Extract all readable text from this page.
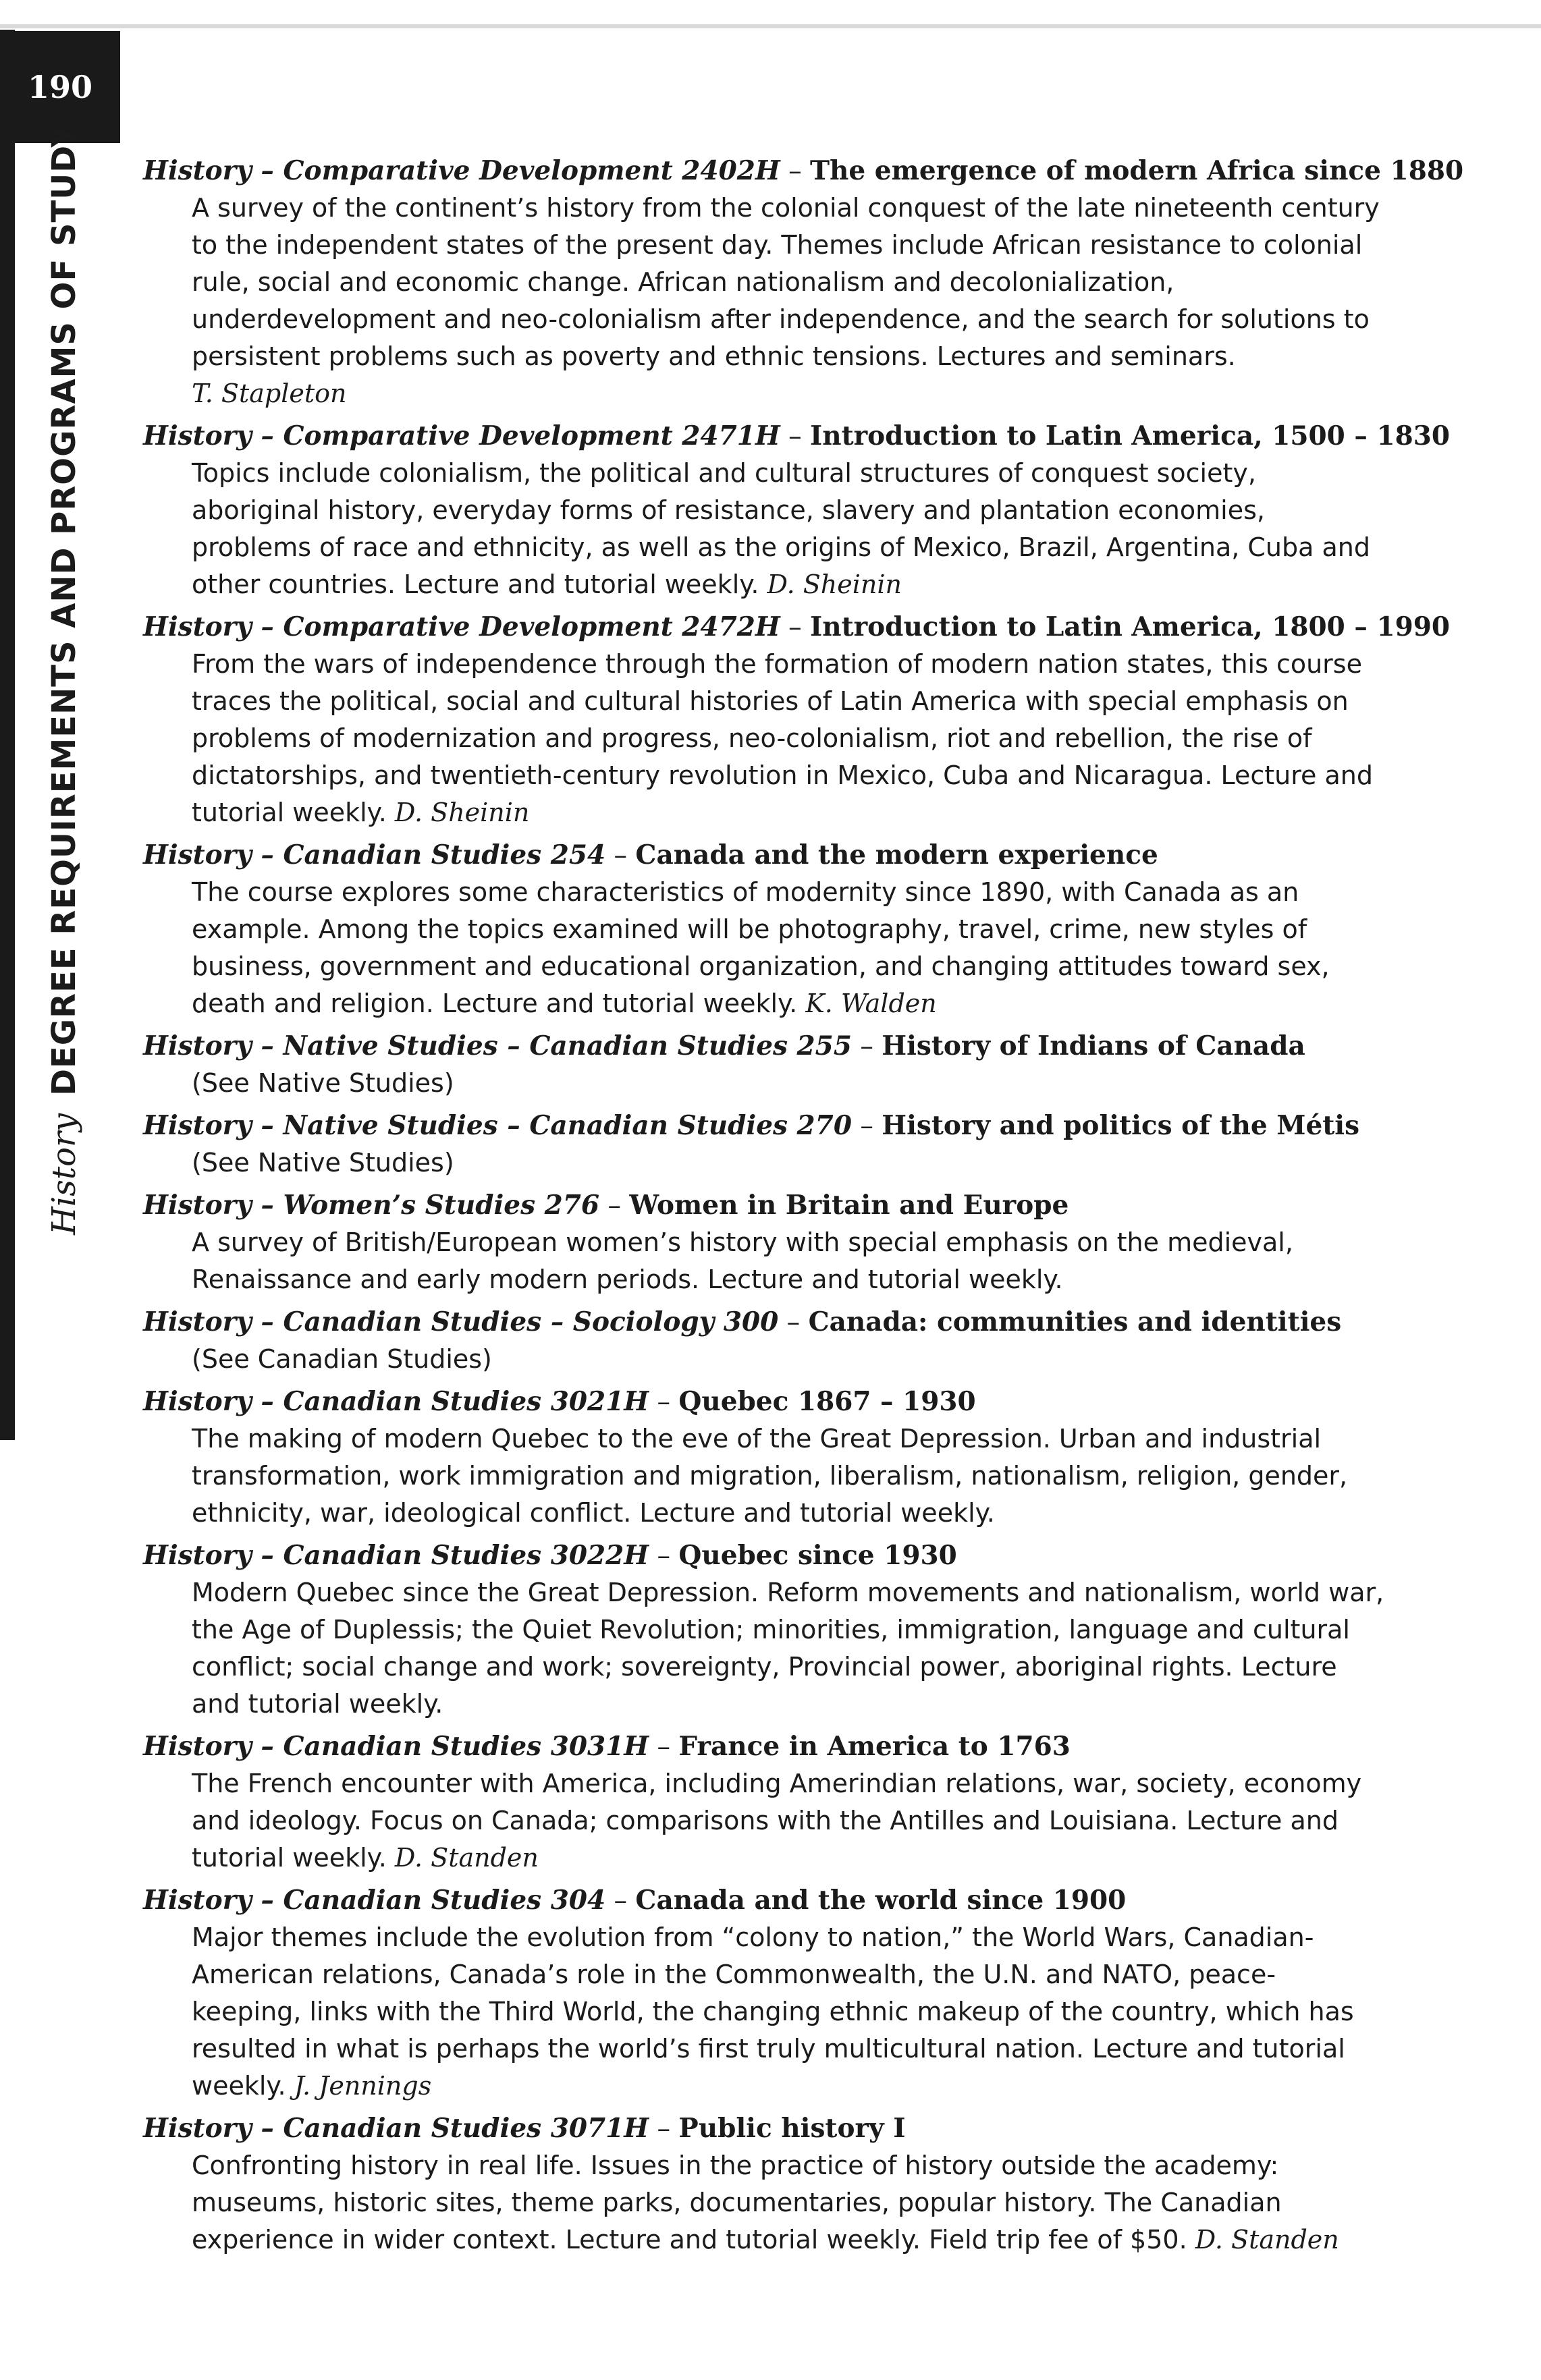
190
History
DEGREE REQUIREMENTS AND PROGRAMS OF STUDY History – Comparative Development 2402H – The emergence of modern Africa since 1880
A survey of the continent’s history from the colonial conquest of the late nineteenth century to the independent states of the present day. Themes include African resistance to colonial rule, social and economic change. African nationalism and decolonialization, underdevelopment and neo-colonialism after independence, and the search for solutions to persistent problems such as poverty and ethnic tensions. Lectures and seminars.
T. Stapleton
History – Comparative Development 2471H – Introduction to Latin America, 1500 – 1830
Topics include colonialism, the political and cultural structures of conquest society, aboriginal history, everyday forms of resistance, slavery and plantation economies, problems of race and ethnicity, as well as the origins of Mexico, Brazil, Argentina, Cuba and other countries. Lecture and tutorial weekly. D. Sheinin
History – Comparative Development 2472H – Introduction to Latin America, 1800 – 1990
From the wars of independence through the formation of modern nation states, this course traces the political, social and cultural histories of Latin America with special emphasis on problems of modernization and progress, neo-colonialism, riot and rebellion, the rise of dictatorships, and twentieth-century revolution in Mexico, Cuba and Nicaragua. Lecture and tutorial weekly. D. Sheinin
History – Canadian Studies 254 – Canada and the modern experience
The course explores some characteristics of modernity since 1890, with Canada as an example. Among the topics examined will be photography, travel, crime, new styles of business, government and educational organization, and changing attitudes toward sex, death and religion. Lecture and tutorial weekly. K. Walden
History – Native Studies – Canadian Studies 255 – History of Indians of Canada
(See Native Studies)
History – Native Studies – Canadian Studies 270 – History and politics of the Métis
(See Native Studies)
History – Women’s Studies 276 – Women in Britain and Europe
A survey of British/European women’s history with special emphasis on the medieval, Renaissance and early modern periods. Lecture and tutorial weekly.
History – Canadian Studies – Sociology 300 – Canada: communities and identities
(See Canadian Studies)
History – Canadian Studies 3021H – Quebec 1867 – 1930
The making of modern Quebec to the eve of the Great Depression. Urban and industrial transformation, work immigration and migration, liberalism, nationalism, religion, gender, ethnicity, war, ideological conflict. Lecture and tutorial weekly.
History – Canadian Studies 3022H – Quebec since 1930
Modern Quebec since the Great Depression. Reform movements and nationalism, world war, the Age of Duplessis; the Quiet Revolution; minorities, immigration, language and cultural conflict; social change and work; sovereignty, Provincial power, aboriginal rights. Lecture and tutorial weekly.
History – Canadian Studies 3031H – France in America to 1763
The French encounter with America, including Amerindian relations, war, society, economy and ideology. Focus on Canada; comparisons with the Antilles and Louisiana. Lecture and tutorial weekly. D. Standen
History – Canadian Studies 304 – Canada and the world since 1900
Major themes include the evolution from “colony to nation,” the World Wars, Canadian-American relations, Canada’s role in the Commonwealth, the U.N. and NATO, peace-keeping, links with the Third World, the changing ethnic makeup of the country, which has resulted in what is perhaps the world’s first truly multicultural nation. Lecture and tutorial weekly. J. Jennings
History – Canadian Studies 3071H – Public history I
Confronting history in real life. Issues in the practice of history outside the academy: museums, historic sites, theme parks, documentaries, popular history. The Canadian experience in wider context. Lecture and tutorial weekly. Field trip fee of $50. D. Standen
